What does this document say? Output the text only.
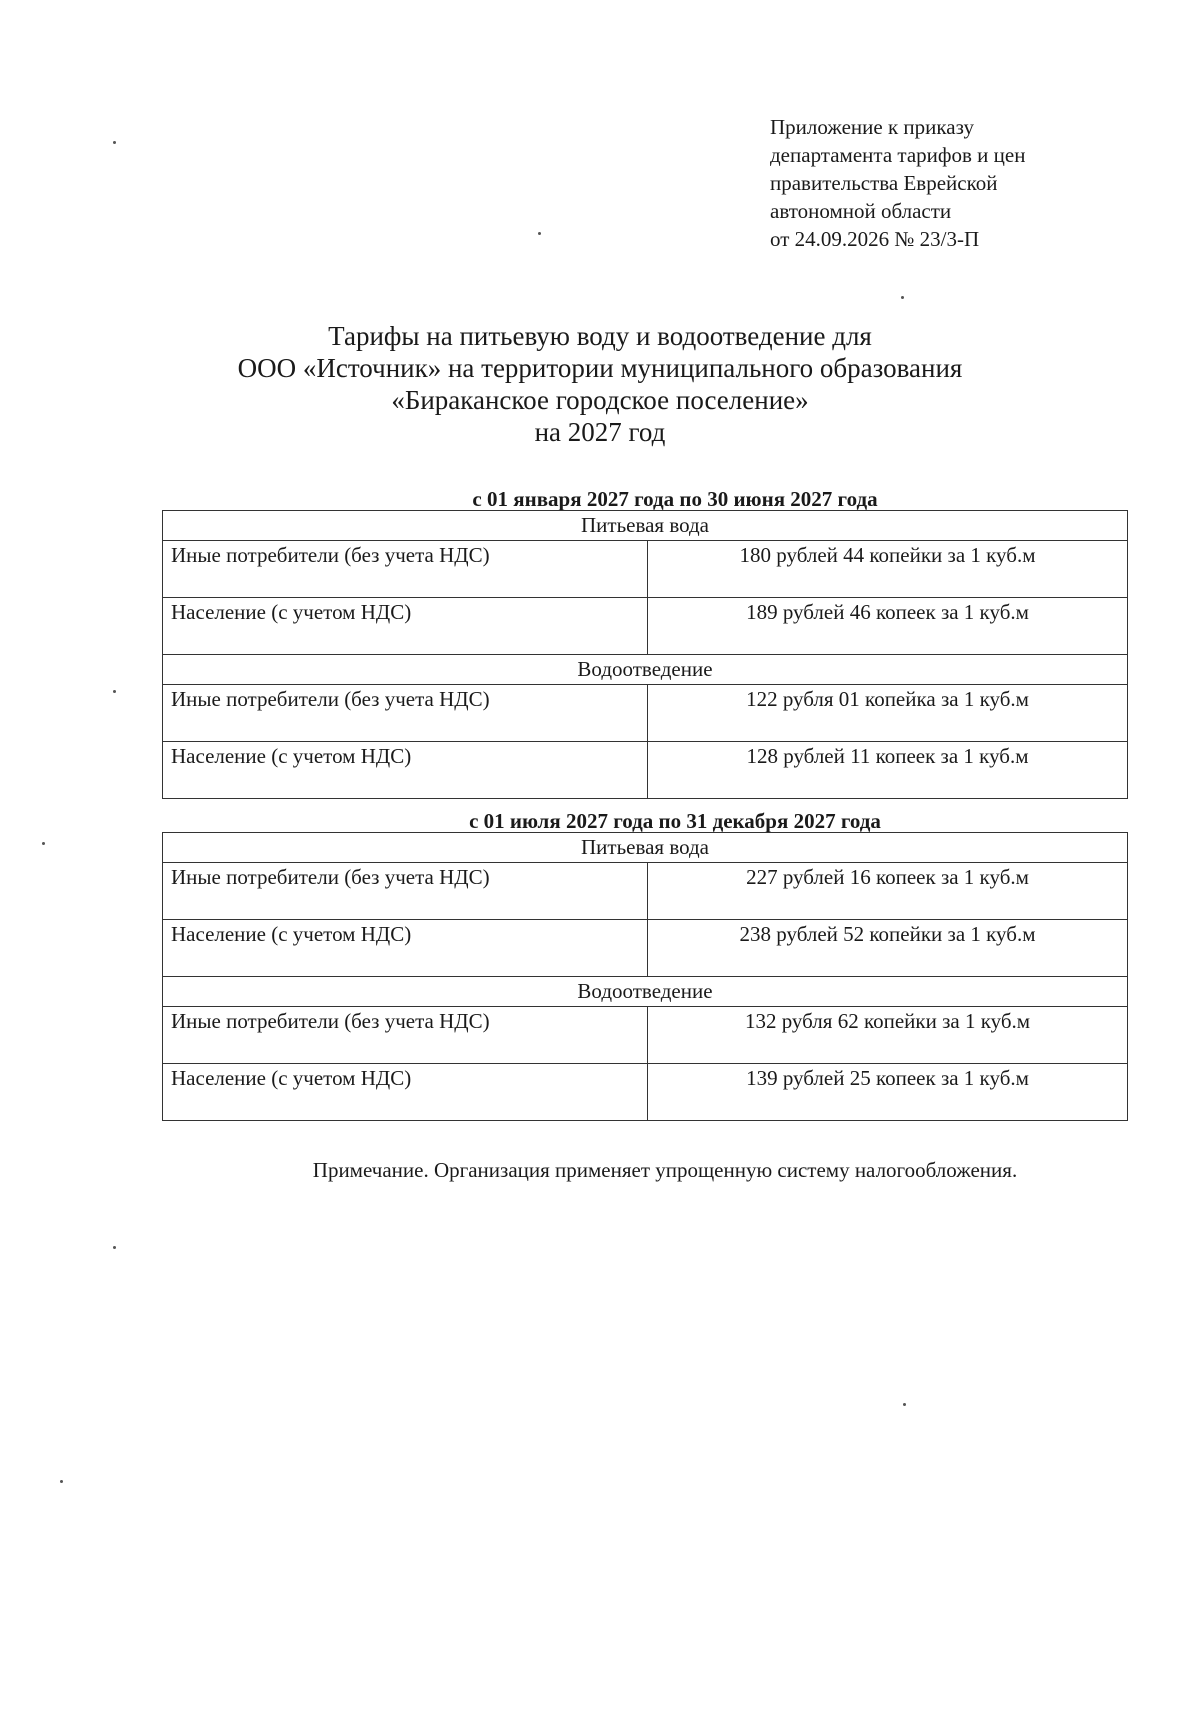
Приложение к приказу
департамента тарифов и цен
правительства Еврейской
автономной области
от 24.09.2026 № 23/3-П
Тарифы на питьевую воду и водоотведение для
ООО «Источник» на территории муниципального образования
«Бираканское городское поселение»
на 2027 год
с 01 января 2027 года по 30 июня 2027 года
Питьевая вода	
Иные потребители (без учета НДС)	180 рублей 44 копейки за 1 куб.м
Население (с учетом НДС)	189 рублей 46 копеек за 1 куб.м
Водоотведение	
Иные потребители (без учета НДС)	122 рубля 01 копейка за 1 куб.м
Население (с учетом НДС)	128 рублей 11 копеек за 1 куб.м
с 01 июля 2027 года по 31 декабря 2027 года
Питьевая вода	
Иные потребители (без учета НДС)	227 рублей 16 копеек за 1 куб.м
Население (с учетом НДС)	238 рублей 52 копейки за 1 куб.м
Водоотведение	
Иные потребители (без учета НДС)	132 рубля 62 копейки за 1 куб.м
Население (с учетом НДС)	139 рублей 25 копеек за 1 куб.м
Примечание. Организация применяет упрощенную систему налогообложения.
